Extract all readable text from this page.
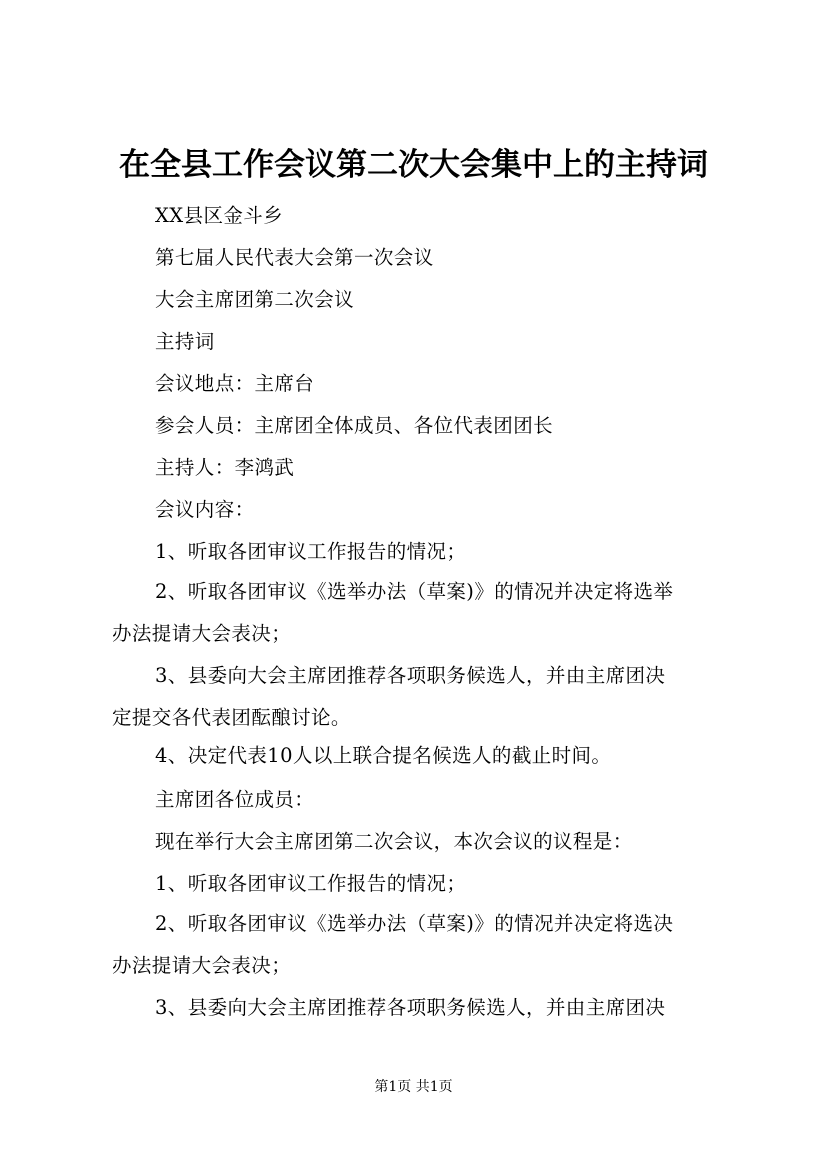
在全县工作会议第二次大会集中上的主持词
XX县区金斗乡
第七届人民代表大会第一次会议
大会主席团第二次会议
主持词
会议地点：主席台
参会人员：主席团全体成员、各位代表团团长
主持人：李鸿武
会议内容：
1、听取各团审议工作报告的情况；
2、听取各团审议《选举办法（草案)》的情况并决定将选举
办法提请大会表决；
3、县委向大会主席团推荐各项职务候选人，并由主席团决
定提交各代表团酝酿讨论。
4、决定代表10人以上联合提名候选人的截止时间。
主席团各位成员：
现在举行大会主席团第二次会议，本次会议的议程是：
1、听取各团审议工作报告的情况；
2、听取各团审议《选举办法（草案)》的情况并决定将选决
办法提请大会表决；
3、县委向大会主席团推荐各项职务候选人，并由主席团决
第1页 共1页
